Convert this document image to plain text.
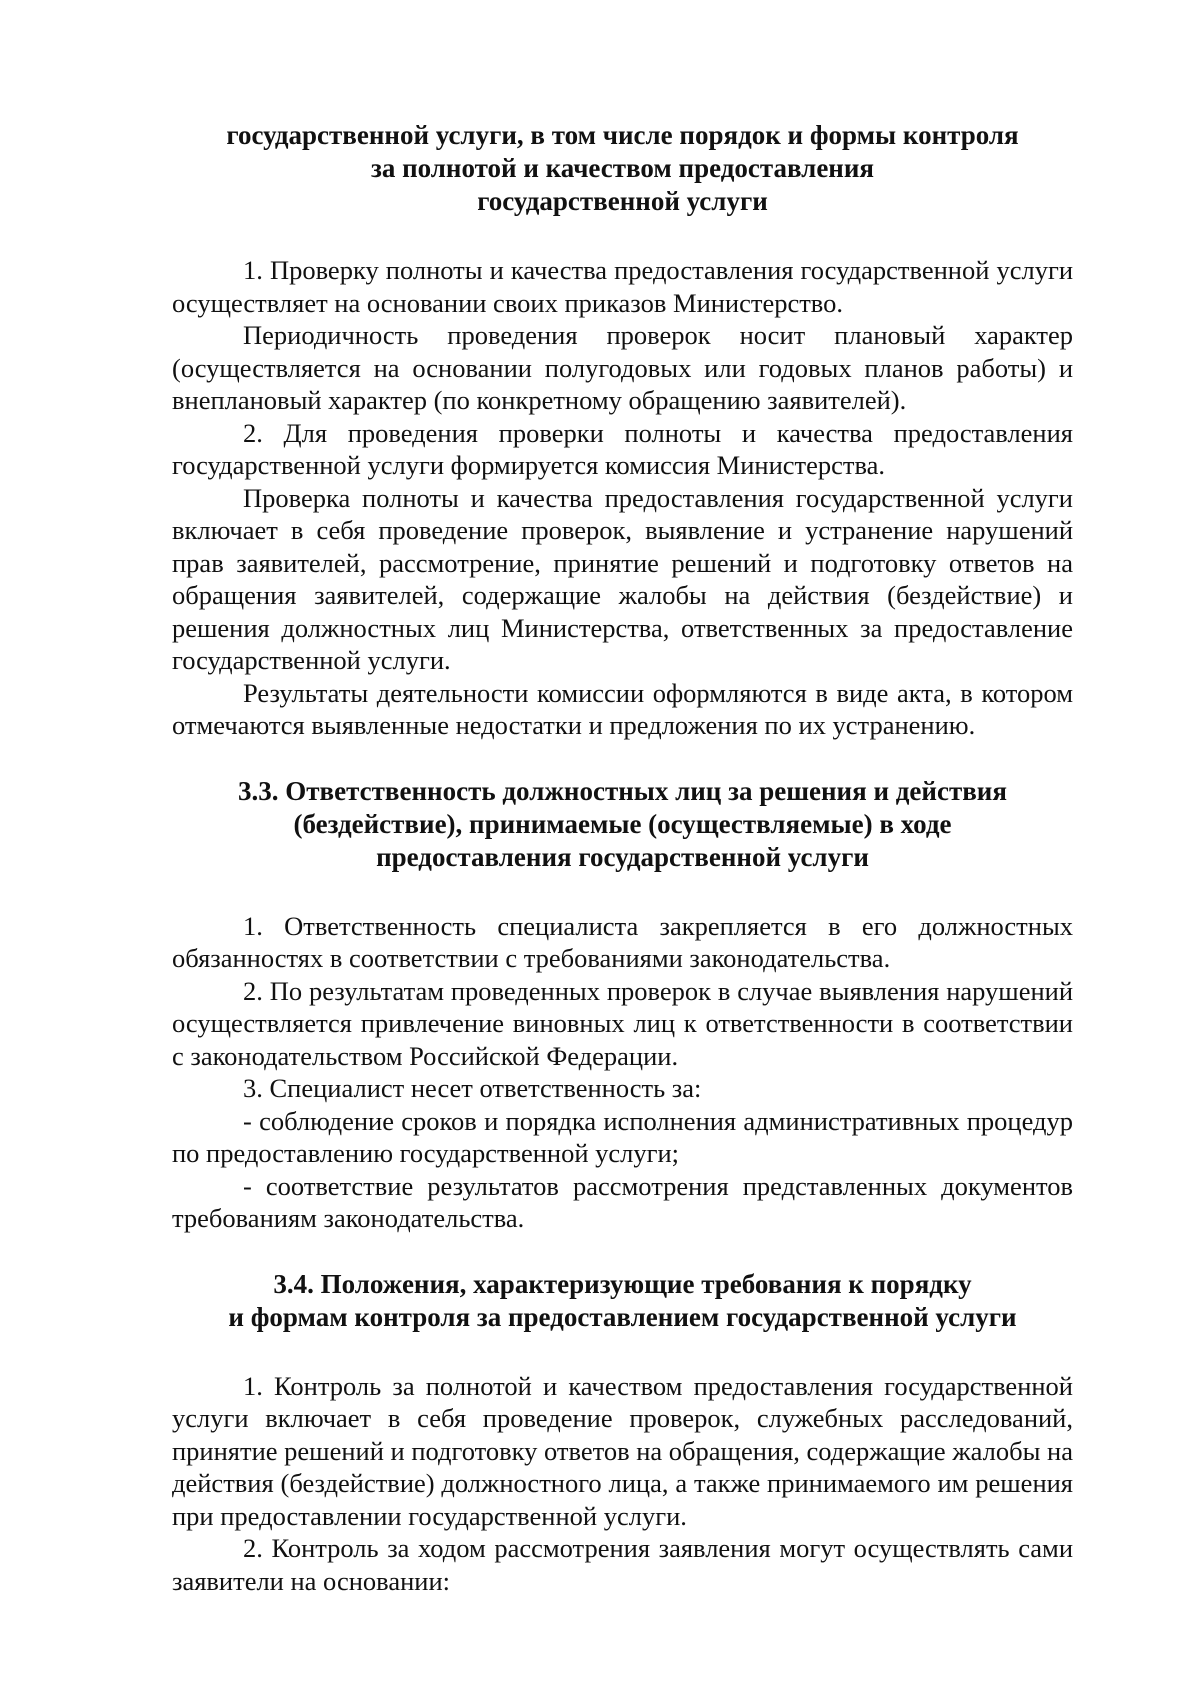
государственной услуги, в том числе порядок и формы контроля
за полнотой и качеством предоставления
государственной услуги

1. Проверку полноты и качества предоставления государственной услуги осуществляет на основании своих приказов Министерство.

Периодичность проведения проверок носит плановый характер (осуществляется на основании полугодовых или годовых планов работы) и внеплановый характер (по конкретному обращению заявителей).

2. Для проведения проверки полноты и качества предоставления государственной услуги формируется комиссия Министерства.

Проверка полноты и качества предоставления государственной услуги включает в себя проведение проверок, выявление и устранение нарушений прав заявителей, рассмотрение, принятие решений и подготовку ответов на обращения заявителей, содержащие жалобы на действия (бездействие) и решения должностных лиц Министерства, ответственных за предоставление государственной услуги.

Результаты деятельности комиссии оформляются в виде акта, в котором отмечаются выявленные недостатки и предложения по их устранению.

3.3. Ответственность должностных лиц за решения и действия
(бездействие), принимаемые (осуществляемые) в ходе
предоставления государственной услуги

1. Ответственность специалиста закрепляется в его должностных обязанностях в соответствии с требованиями законодательства.

2. По результатам проведенных проверок в случае выявления нарушений осуществляется привлечение виновных лиц к ответственности в соответствии с законодательством Российской Федерации.

3. Специалист несет ответственность за:

- соблюдение сроков и порядка исполнения административных процедур по предоставлению государственной услуги;

- соответствие результатов рассмотрения представленных документов требованиям законодательства.

3.4. Положения, характеризующие требования к порядку
и формам контроля за предоставлением государственной услуги

1. Контроль за полнотой и качеством предоставления государственной услуги включает в себя проведение проверок, служебных расследований, принятие решений и подготовку ответов на обращения, содержащие жалобы на действия (бездействие) должностного лица, а также принимаемого им решения при предоставлении государственной услуги.

2. Контроль за ходом рассмотрения заявления могут осуществлять сами заявители на основании:
